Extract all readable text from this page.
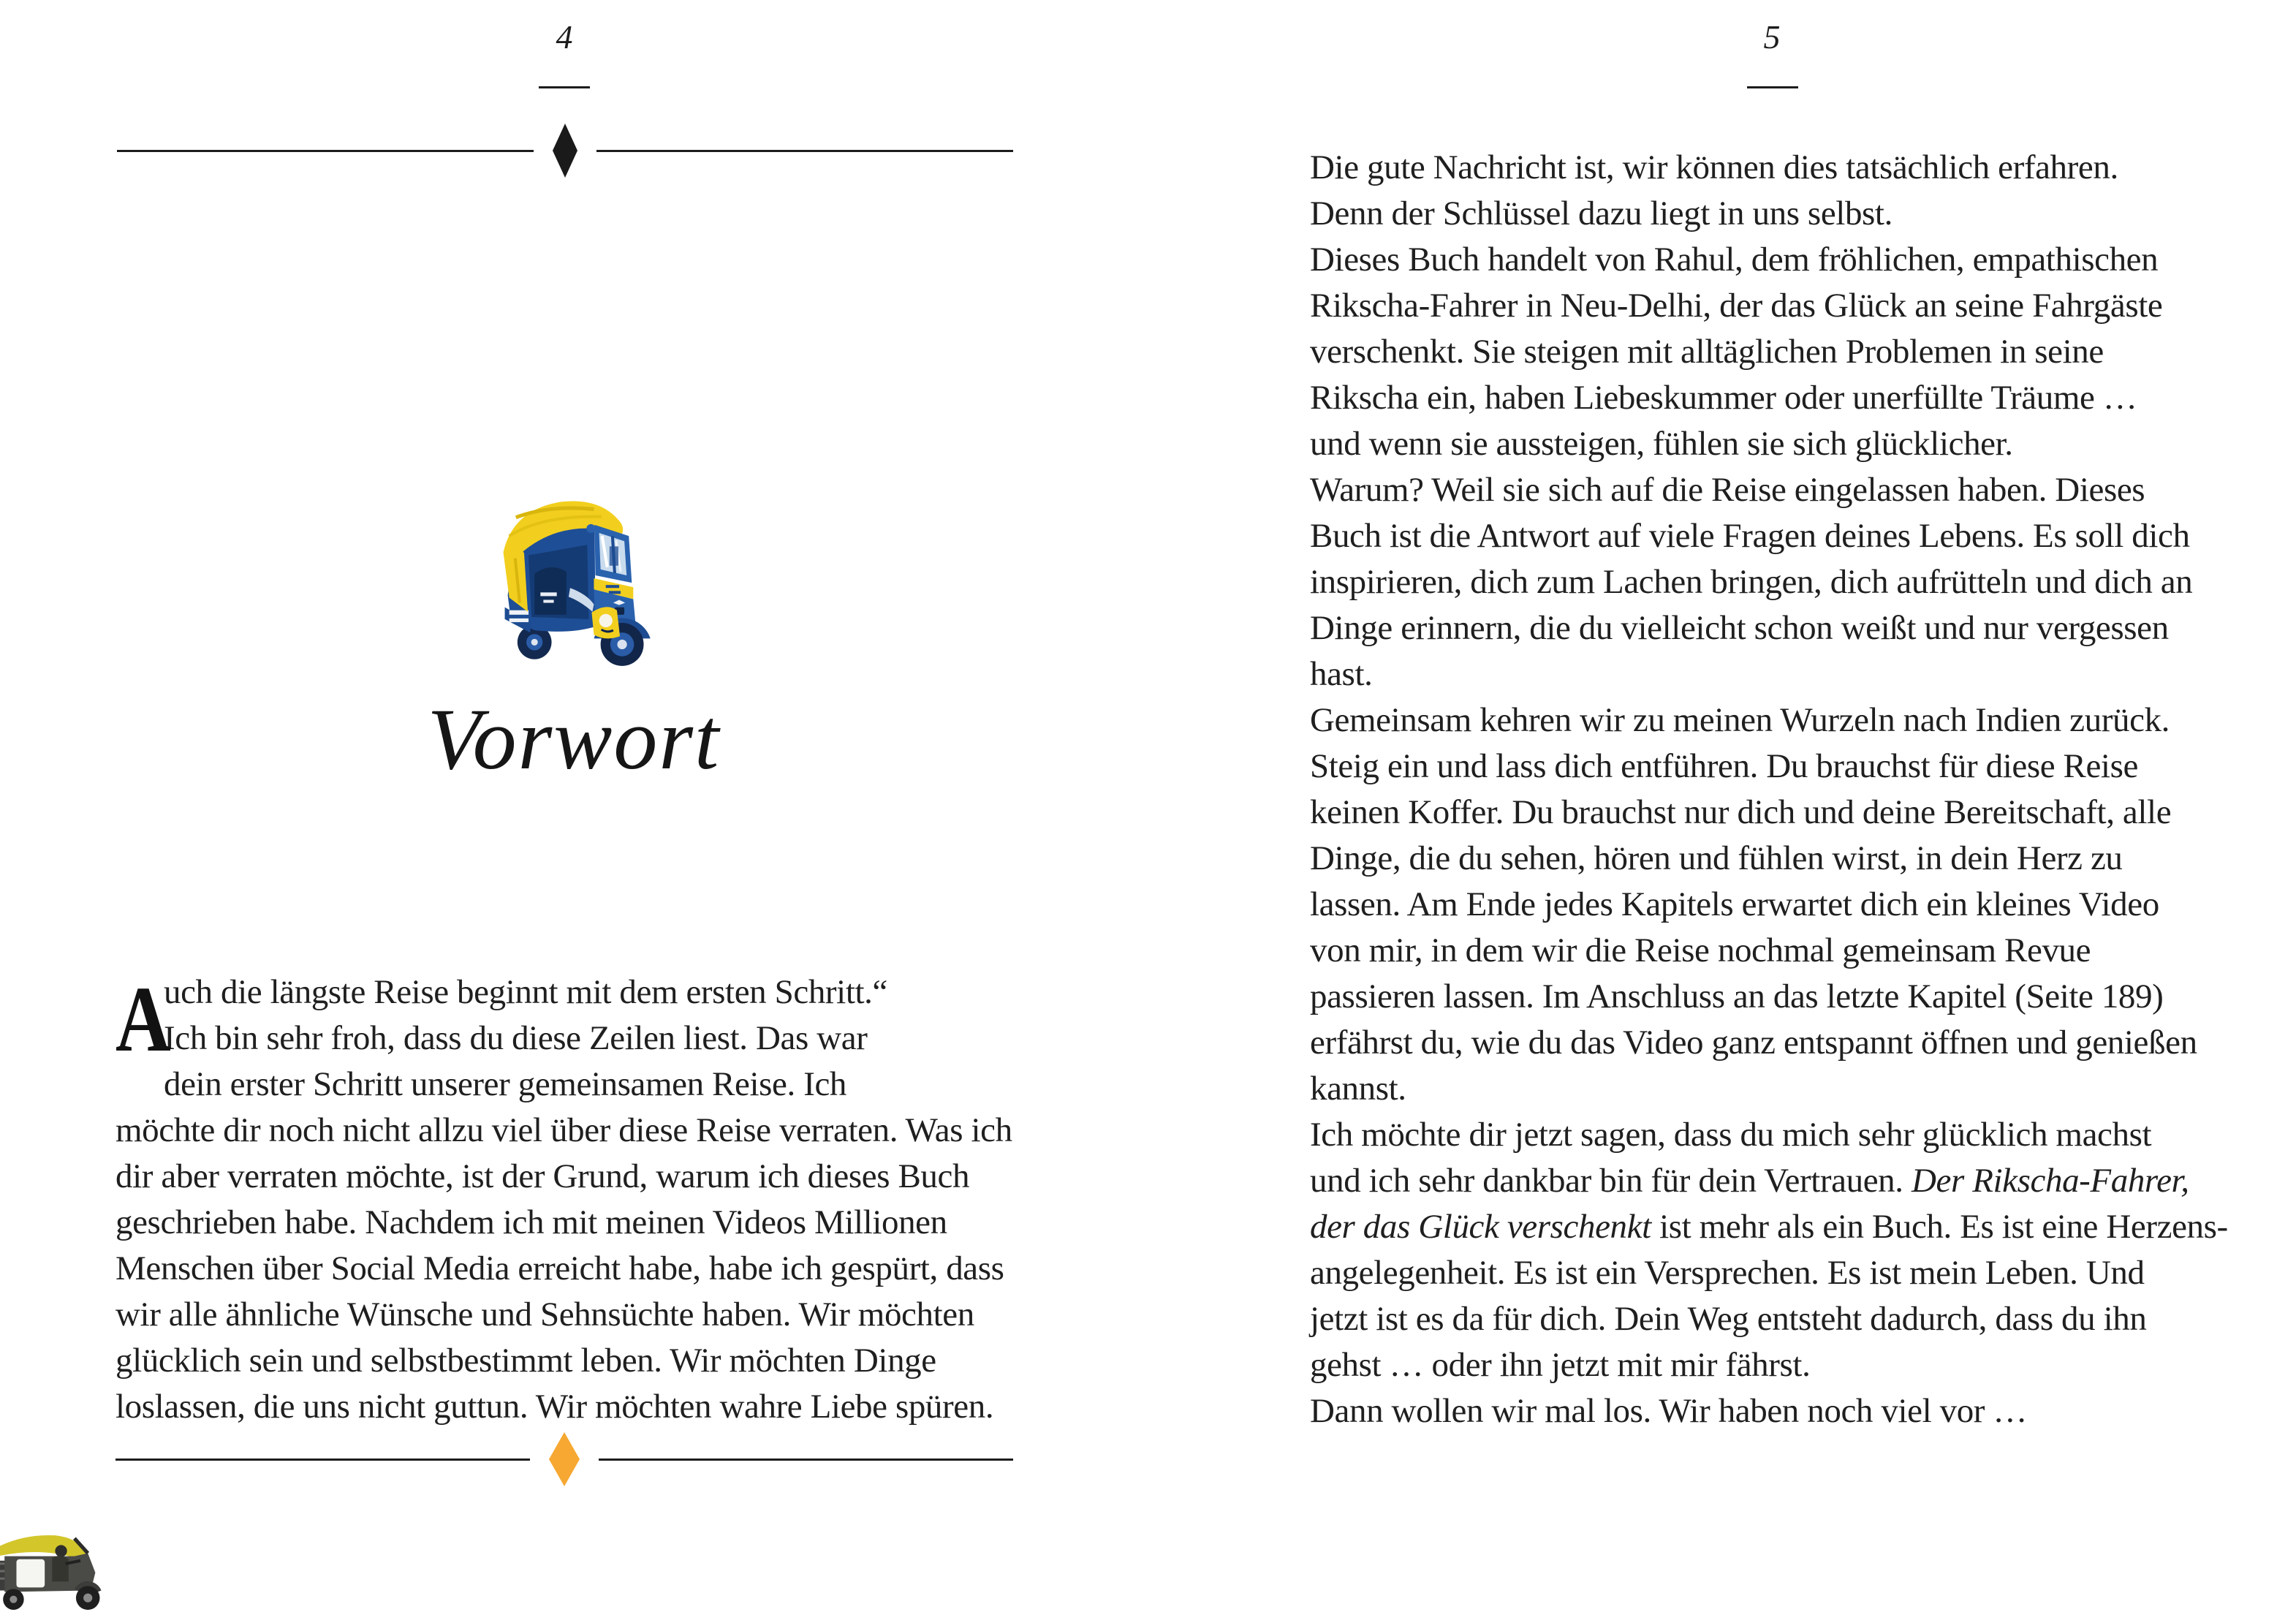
4
Vorwort
A
uch die längste Reise beginnt mit dem ersten Schritt.“
Ich bin sehr froh, dass du diese Zeilen liest. Das war
dein erster Schritt unserer gemeinsamen Reise. Ich
möchte dir noch nicht allzu viel über diese Reise verraten. Was ich
dir aber verraten möchte, ist der Grund, warum ich dieses Buch
geschrieben habe. Nachdem ich mit meinen Videos Millionen
Menschen über Social Media erreicht habe, habe ich gespürt, dass
wir alle ähnliche Wünsche und Sehnsüchte haben. Wir möchten
glücklich sein und selbstbestimmt leben. Wir möchten Dinge
loslassen, die uns nicht guttun. Wir möchten wahre Liebe spüren.
5
Die gute Nachricht ist, wir können dies tatsächlich erfahren.
Denn der Schlüssel dazu liegt in uns selbst.
Dieses Buch handelt von Rahul, dem fröhlichen, empathischen
Rikscha-Fahrer in Neu-Delhi, der das Glück an seine Fahrgäste
verschenkt. Sie steigen mit alltäglichen Problemen in seine
Rikscha ein, haben Liebeskummer oder unerfüllte Träume …
und wenn sie aussteigen, fühlen sie sich glücklicher.
Warum? Weil sie sich auf die Reise eingelassen haben. Dieses
Buch ist die Antwort auf viele Fragen deines Lebens. Es soll dich
inspirieren, dich zum Lachen bringen, dich aufrütteln und dich an
Dinge erinnern, die du vielleicht schon weißt und nur vergessen
hast.
Gemeinsam kehren wir zu meinen Wurzeln nach Indien zurück.
Steig ein und lass dich entführen. Du brauchst für diese Reise
keinen Koffer. Du brauchst nur dich und deine Bereitschaft, alle
Dinge, die du sehen, hören und fühlen wirst, in dein Herz zu
lassen. Am Ende jedes Kapitels erwartet dich ein kleines Video
von mir, in dem wir die Reise nochmal gemeinsam Revue
passieren lassen. Im Anschluss an das letzte Kapitel (Seite 189)
erfährst du, wie du das Video ganz entspannt öffnen und genießen
kannst.
Ich möchte dir jetzt sagen, dass du mich sehr glücklich machst
und ich sehr dankbar bin für dein Vertrauen. Der Rikscha-Fahrer,
der das Glück verschenkt ist mehr als ein Buch. Es ist eine Herzens-
angelegenheit. Es ist ein Versprechen. Es ist mein Leben. Und
jetzt ist es da für dich. Dein Weg entsteht dadurch, dass du ihn
gehst … oder ihn jetzt mit mir fährst.
Dann wollen wir mal los. Wir haben noch viel vor …
